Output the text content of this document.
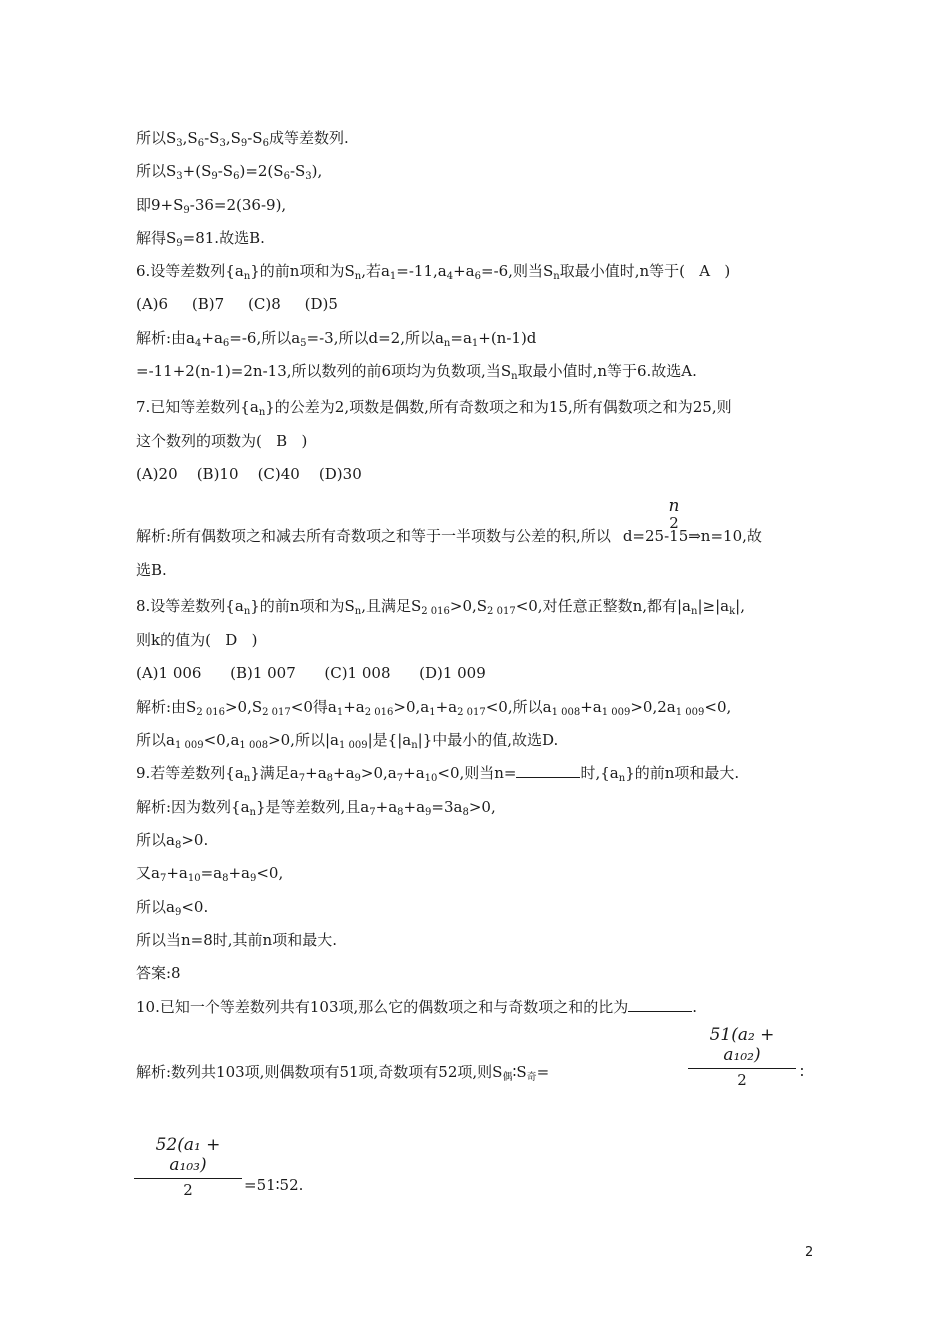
所以$S_3,S_6-S_3,S_9-S_6$成等差数列.
所以$S_3+(S_9-S_6)=2(S_6-S_3)$,
即$9+S_9-36=2(36-9)$,
解得$S_9=81$.故选B.
6.设等差数列$\{a_n\}$的前n项和为$S_n$,若$a_1=-11,a_4+a_6=-6$,则当$S_n$取最小值时,n等于(   A   )
(A)6     (B)7     (C)8     (D)5
解析:由$a_4+a_6=-6$,所以$a_5=-3$,所以d=2,所以$a_n=a_1+(n-1)d$
=-11+2(n-1)=2n-13,所以数列的前6项均为负数项,当$S_n$取最小值时,n等于6.故选A.
7.已知等差数列$\{a_n\}$的公差为2,项数是偶数,所有奇数项之和为15,所有偶数项之和为25,则
这个数列的项数为(   B   )
(A)20    (B)10    (C)40    (D)30
n
2
解析:所有偶数项之和减去所有奇数项之和等于一半项数与公差的积,所以 d=25-15⇒n=10,故
选B.
8.设等差数列$\{a_n\}$的前n项和为$S_n$,且满足$S_{2 016}>0,S_{2 017}<0$,对任意正整数n,都有$|a_n|\ge|a_k|$,
则k的值为(   D   )
(A)1 006      (B)1 007      (C)1 008      (D)1 009
解析:由$S_{2 016}>0,S_{2 017}<0$得$a_1+a_{2 016}>0,a_1+a_{2 017}<0$,所以$a_{1 008}+a_{1 009}>0,2a_{1 009}<0$,
所以$a_{1 009}<0,a_{1 008}>0$,所以$|a_{1 009}|$是$\{|a_n|\}$中最小的值,故选D.
9.若等差数列$\{a_n\}$满足$a_7+a_8+a_9>0,a_7+a_{10}<0$,则当n=	时$,\{a_n\}$的前n项和最大.
解析:因为数列$\{a_n\}$是等差数列,且$a_7+a_8+a_9=3a_8>0$,
所以$a_8>0$.
又$a_7+a_{10}=a_8+a_9<0$,
所以$a_9<0$.
所以当n=8时,其前n项和最大.
答案:8
10.已知一个等差数列共有103项,那么它的偶数项之和与奇数项之和的比为	.
51(a₂ + a₁₀₂)
2
解析:数列共103项,则偶数项有51项,奇数项有52项,则$S_偶∶S_奇=$	∶
52(a₁ + a₁₀₃)
2	=51∶52.
2
